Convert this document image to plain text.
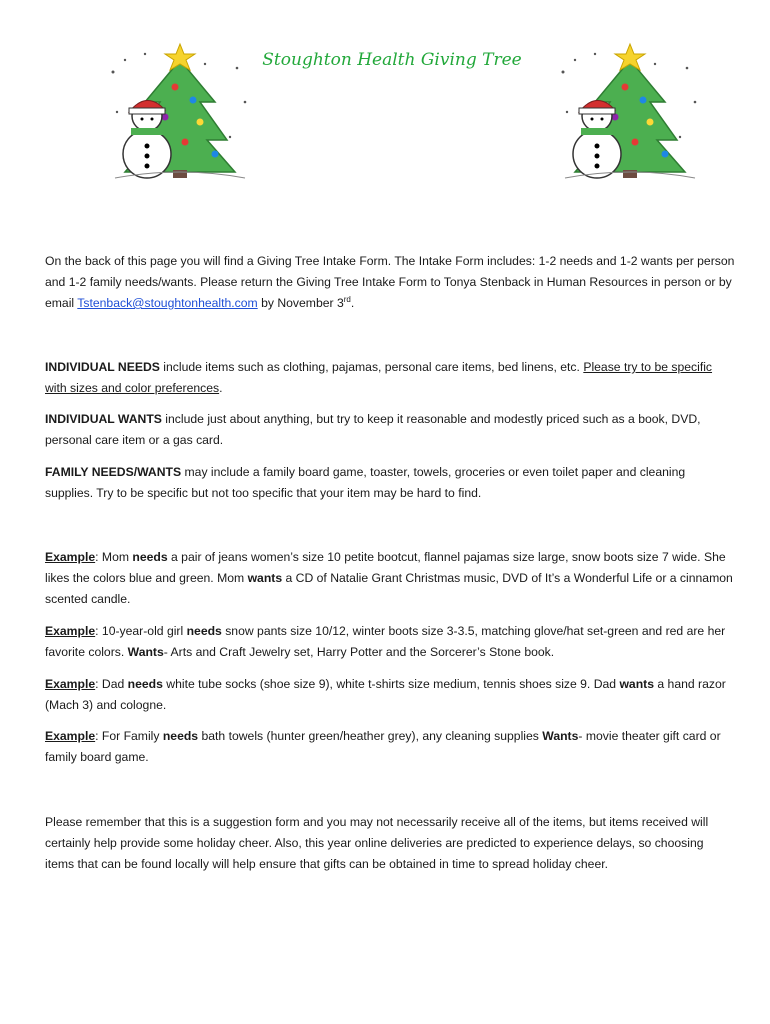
Stoughton Health Giving Tree

On the back of this page you will find a Giving Tree Intake Form. The Intake Form includes: 1-2 needs and 1-2 wants per person and 1-2 family needs/wants. Please return the Giving Tree Intake Form to Tonya Stenback in Human Resources in person or by email Tstenback@stoughtonhealth.com by November 3rd.

INDIVIDUAL NEEDS include items such as clothing, pajamas, personal care items, bed linens, etc. Please try to be specific with sizes and color preferences.

INDIVIDUAL WANTS include just about anything, but try to keep it reasonable and modestly priced such as a book, DVD, personal care item or a gas card.

FAMILY NEEDS/WANTS may include a family board game, toaster, towels, groceries or even toilet paper and cleaning supplies. Try to be specific but not too specific that your item may be hard to find.

Example: Mom needs a pair of jeans women’s size 10 petite bootcut, flannel pajamas size large, snow boots size 7 wide. She likes the colors blue and green. Mom wants a CD of Natalie Grant Christmas music, DVD of It’s a Wonderful Life or a cinnamon scented candle.

Example: 10-year-old girl needs snow pants size 10/12, winter boots size 3-3.5, matching glove/hat set-green and red are her favorite colors. Wants- Arts and Craft Jewelry set, Harry Potter and the Sorcerer’s Stone book.

Example: Dad needs white tube socks (shoe size 9), white t-shirts size medium, tennis shoes size 9. Dad wants a hand razor (Mach 3) and cologne.

Example: For Family needs bath towels (hunter green/heather grey), any cleaning supplies Wants- movie theater gift card or family board game.

Please remember that this is a suggestion form and you may not necessarily receive all of the items, but items received will certainly help provide some holiday cheer. Also, this year online deliveries are predicted to experience delays, so choosing items that can be found locally will help ensure that gifts can be obtained in time to spread holiday cheer.
